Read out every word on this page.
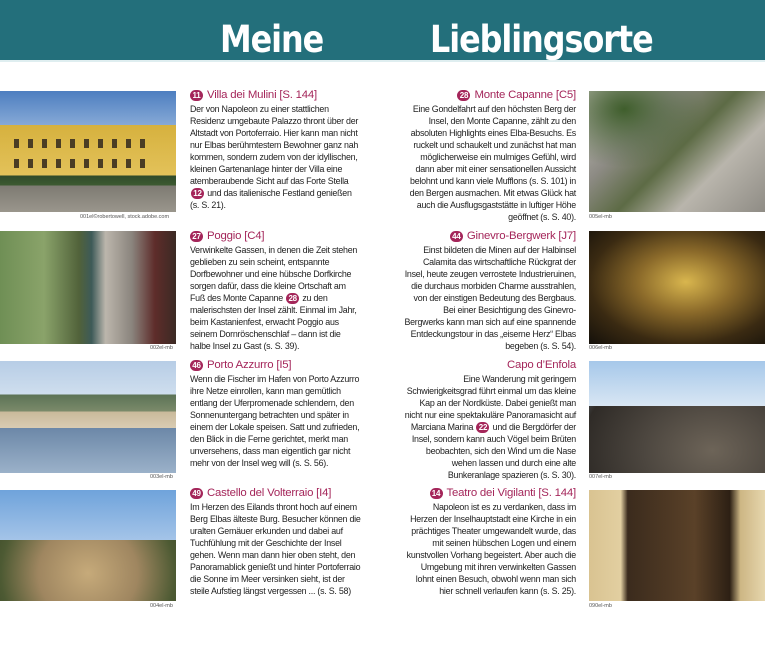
Meine	Lieblingsorte
001el©robertowell, stock.adobe.com
11 Villa dei Mulini [S. 144]
Der von Napoleon zu einer stattlichen Residenz umgebaute Palazzo thront über der Altstadt von Portoferraio. Hier kann man nicht nur Elbas berühmtestem Bewohner ganz nah kommen, sondern zudem von der idyllischen, kleinen Gartenanlage hinter der Villa eine atemberaubende Sicht auf das Forte Stella 12 und das italienische Festland genießen (s. S. 21).
002el-mb
27 Poggio [C4]
Verwinkelte Gassen, in denen die Zeit stehen geblieben zu sein scheint, entspannte Dorfbewohner und eine hübsche Dorfkirche sorgen dafür, dass die kleine Ortschaft am Fuß des Monte Capanne 28 zu den malerischsten der Insel zählt. Einmal im Jahr, beim Kastanienfest, erwacht Poggio aus seinem Dornröschenschlaf – dann ist die halbe Insel zu Gast (s. S. 39).
003el-mb
46 Porto Azzurro [I5]
Wenn die Fischer im Hafen von Porto Azzurro ihre Netze einrollen, kann man gemütlich entlang der Uferpromenade schlendern, den Sonnenuntergang betrachten und später in einem der Lokale speisen. Satt und zufrieden, den Blick in die Ferne gerichtet, merkt man unversehens, dass man eigentlich gar nicht mehr von der Insel weg will (s. S. 56).
004el-mb
49 Castello del Volterraio [I4]
Im Herzen des Eilands thront hoch auf einem Berg Elbas älteste Burg. Besucher können die uralten Gemäuer erkunden und dabei auf Tuchfühlung mit der Geschichte der Insel gehen. Wenn man dann hier oben steht, den Panoramablick genießt und hinter Portoferraio die Sonne im Meer versinken sieht, ist der steile Aufstieg längst vergessen ... (s. S. 58)
28 Monte Capanne [C5]
Eine Gondelfahrt auf den höchsten Berg der Insel, den Monte Capanne, zählt zu den absoluten Highlights eines Elba-Besuchs. Es ruckelt und schaukelt und zunächst hat man möglicherweise ein mulmiges Gefühl, wird dann aber mit einer sensationellen Aussicht belohnt und kann viele Mufflons (s. S. 101) in den Bergen ausmachen. Mit etwas Glück hat auch die Ausflugsgaststätte in luftiger Höhe geöffnet (s. S. 40). 005el-mb
44 Ginevro-Bergwerk [J7]
Einst bildeten die Minen auf der Halbinsel Calamita das wirtschaftliche Rückgrat der Insel, heute zeugen verrostete Industrieruinen, die durchaus morbiden Charme ausstrahlen, von der einstigen Bedeutung des Bergbaus. Bei einer Besichtigung des Ginevro-Bergwerks kann man sich auf eine spannende Entdeckungstour in das „eiserne Herz“ Elbas begeben (s. S. 54). 006el-mb
Capo d’Enfola
Eine Wanderung mit geringem Schwierigkeitsgrad führt einmal um das kleine Kap an der Nordküste. Dabei genießt man nicht nur eine spektakuläre Panoramasicht auf Marciana Marina 22 und die Bergdörfer der Insel, sondern kann auch Vögel beim Brüten beobachten, sich den Wind um die Nase wehen lassen und durch eine alte Bunkeranlage spazieren (s. S. 30). 007el-mb
14 Teatro dei Vigilanti [S. 144]
Napoleon ist es zu verdanken, dass im Herzen der Inselhauptstadt eine Kirche in ein prächtiges Theater umgewandelt wurde, das mit seinen hübschen Logen und einem kunstvollen Vorhang begeistert. Aber auch die Umgebung mit ihren verwinkelten Gassen lohnt einen Besuch, obwohl wenn man sich hier schnell verlaufen kann (s. S. 25).
090el-mb
